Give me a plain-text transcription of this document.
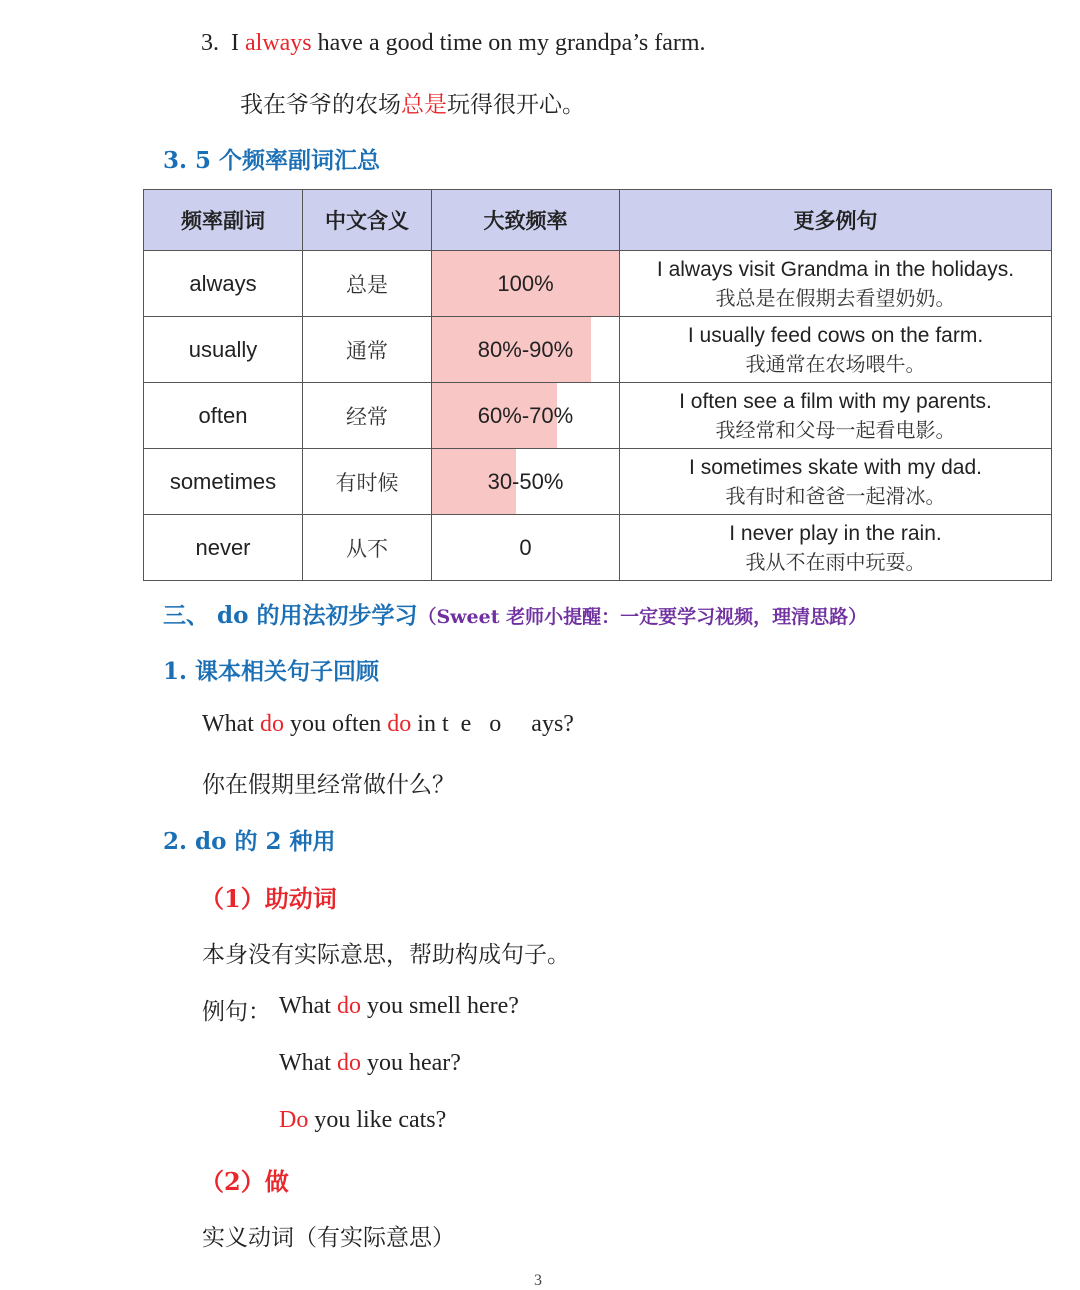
3. I always have a good time on my grandpa’s farm.
我在爷爷的农场总是玩得很开心。
3. 5 个频率副词汇总
频率副词	中文含义	大致频率	更多例句
always	总是	100%	I always visit Grandma in the holidays.
我总是在假期去看望奶奶。

usually	通常	80%-90%	I usually feed cows on the farm.
我通常在农场喂牛。

often	经常	60%-70%	I often see a film with my parents.
我经常和父母一起看电影。

sometimes	有时候	30-50%	I sometimes skate with my dad.
我有时和爸爸一起滑冰。

never	从不	0	I never play in the rain.
我从不在雨中玩耍。
三、 do 的用法初步学习（Sweet 老师小提醒：一定要学习视频，理清思路）
1. 课本相关句子回顾
What do you often do in t  e   o     ays?
你在假期里经常做什么？
2. do 的 2 种用
（1）助动词
本身没有实际意思，帮助构成句子。
例句： What do you smell here?
What do you hear?
Do you like cats?
（2）做
实义动词（有实际意思）
3
